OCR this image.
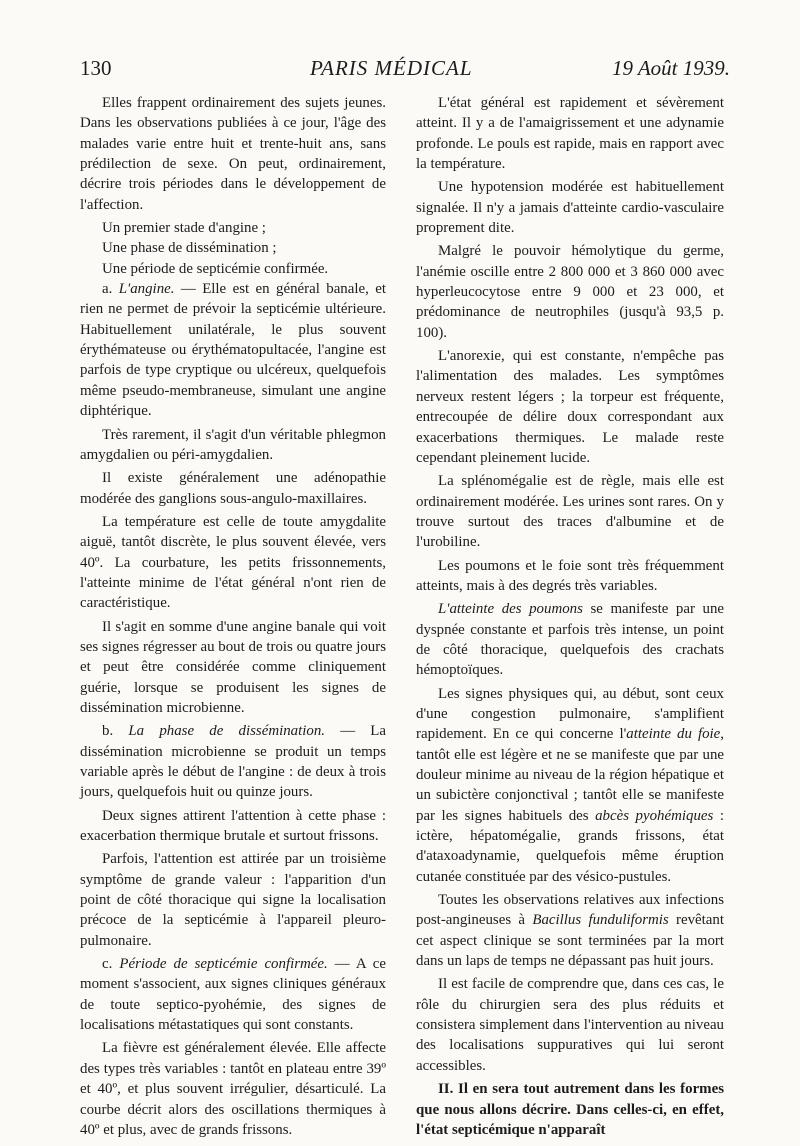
130	PARIS MÉDICAL	19 Août 1939.

Elles frappent ordinairement des sujets jeunes. Dans les observations publiées à ce jour, l'âge des malades varie entre huit et trente-huit ans, sans prédilection de sexe. On peut, ordinairement, décrire trois périodes dans le développement de l'affection.

Un premier stade d'angine ;

Une phase de dissémination ;

Une période de septicémie confirmée.

a. L'angine. — Elle est en général banale, et rien ne permet de prévoir la septicémie ultérieure. Habituellement unilatérale, le plus souvent érythémateuse ou érythématopultacée, l'angine est parfois de type cryptique ou ulcéreux, quelquefois même pseudo-membraneuse, simulant une angine diphtérique.

Très rarement, il s'agit d'un véritable phlegmon amygdalien ou péri-amygdalien.

Il existe généralement une adénopathie modérée des ganglions sous-angulo-maxillaires.

La température est celle de toute amygdalite aiguë, tantôt discrète, le plus souvent élevée, vers 40º. La courbature, les petits frissonnements, l'atteinte minime de l'état général n'ont rien de caractéristique.

Il s'agit en somme d'une angine banale qui voit ses signes régresser au bout de trois ou quatre jours et peut être considérée comme cliniquement guérie, lorsque se produisent les signes de dissémination microbienne.

b. La phase de dissémination. — La dissémination microbienne se produit un temps variable après le début de l'angine : de deux à trois jours, quelquefois huit ou quinze jours.

Deux signes attirent l'attention à cette phase : exacerbation thermique brutale et surtout frissons.

Parfois, l'attention est attirée par un troisième symptôme de grande valeur : l'apparition d'un point de côté thoracique qui signe la localisation précoce de la septicémie à l'appareil pleuro-pulmonaire.

c. Période de septicémie confirmée. — A ce moment s'associent, aux signes cliniques généraux de toute septico-pyohémie, des signes de localisations métastatiques qui sont constants.

La fièvre est généralement élevée. Elle affecte des types très variables : tantôt en plateau entre 39º et 40º, et plus souvent irrégulier, désarticulé. La courbe décrit alors des oscillations thermiques à 40º et plus, avec de grands frissons.

L'état général est rapidement et sévèrement atteint. Il y a de l'amaigrissement et une adynamie profonde. Le pouls est rapide, mais en rapport avec la température.

Une hypotension modérée est habituellement signalée. Il n'y a jamais d'atteinte cardio-vasculaire proprement dite.

Malgré le pouvoir hémolytique du germe, l'anémie oscille entre 2 800 000 et 3 860 000 avec hyperleucocytose entre 9 000 et 23 000, et prédominance de neutrophiles (jusqu'à 93,5 p. 100).

L'anorexie, qui est constante, n'empêche pas l'alimentation des malades. Les symptômes nerveux restent légers ; la torpeur est fréquente, entrecoupée de délire doux correspondant aux exacerbations thermiques. Le malade reste cependant pleinement lucide.

La splénomégalie est de règle, mais elle est ordinairement modérée. Les urines sont rares. On y trouve surtout des traces d'albumine et de l'urobiline.

Les poumons et le foie sont très fréquemment atteints, mais à des degrés très variables.

L'atteinte des poumons se manifeste par une dyspnée constante et parfois très intense, un point de côté thoracique, quelquefois des crachats hémoptoïques.

Les signes physiques qui, au début, sont ceux d'une congestion pulmonaire, s'amplifient rapidement. En ce qui concerne l'atteinte du foie, tantôt elle est légère et ne se manifeste que par une douleur minime au niveau de la région hépatique et un subictère conjonctival ; tantôt elle se manifeste par les signes habituels des abcès pyohémiques : ictère, hépatomégalie, grands frissons, état d'ataxoadynamie, quelquefois même éruption cutanée constituée par des vésico-pustules.

Toutes les observations relatives aux infections post-angineuses à Bacillus funduliformis revêtant cet aspect clinique se sont terminées par la mort dans un laps de temps ne dépassant pas huit jours.

Il est facile de comprendre que, dans ces cas, le rôle du chirurgien sera des plus réduits et consistera simplement dans l'intervention au niveau des localisations suppuratives qui lui seront accessibles.

II. Il en sera tout autrement dans les formes que nous allons décrire. Dans celles-ci, en effet, l'état septicémique n'apparaît
